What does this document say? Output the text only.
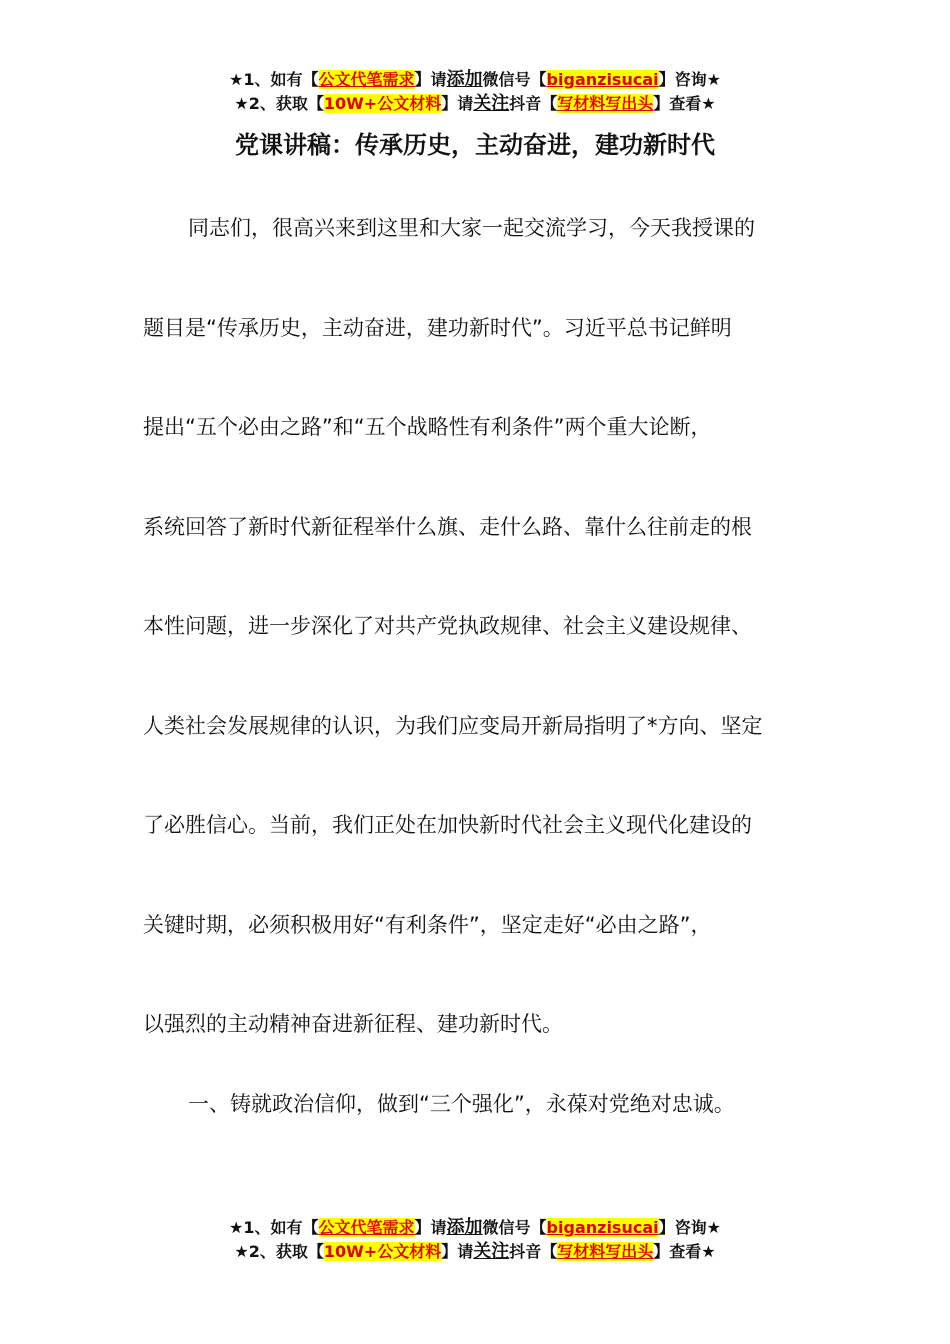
★1、如有【公文代笔需求】请添加微信号【biganzisucai】咨询★
★2、获取【10W+公文材料】请关注抖音【写材料写出头】查看★
党课讲稿：传承历史，主动奋进，建功新时代
同志们，很高兴来到这里和大家一起交流学习，今天我授课的
题目是“传承历史，主动奋进，建功新时代”。习近平总书记鲜明
提出“五个必由之路”和“五个战略性有利条件”两个重大论断，
系统回答了新时代新征程举什么旗、走什么路、靠什么往前走的根
本性问题，进一步深化了对共产党执政规律、社会主义建设规律、
人类社会发展规律的认识，为我们应变局开新局指明了*方向、坚定
了必胜信心。当前，我们正处在加快新时代社会主义现代化建设的
关键时期，必须积极用好“有利条件”，坚定走好“必由之路”，
以强烈的主动精神奋进新征程、建功新时代。
一、铸就政治信仰，做到“三个强化”，永葆对党绝对忠诚。
★1、如有【公文代笔需求】请添加微信号【biganzisucai】咨询★
★2、获取【10W+公文材料】请关注抖音【写材料写出头】查看★
